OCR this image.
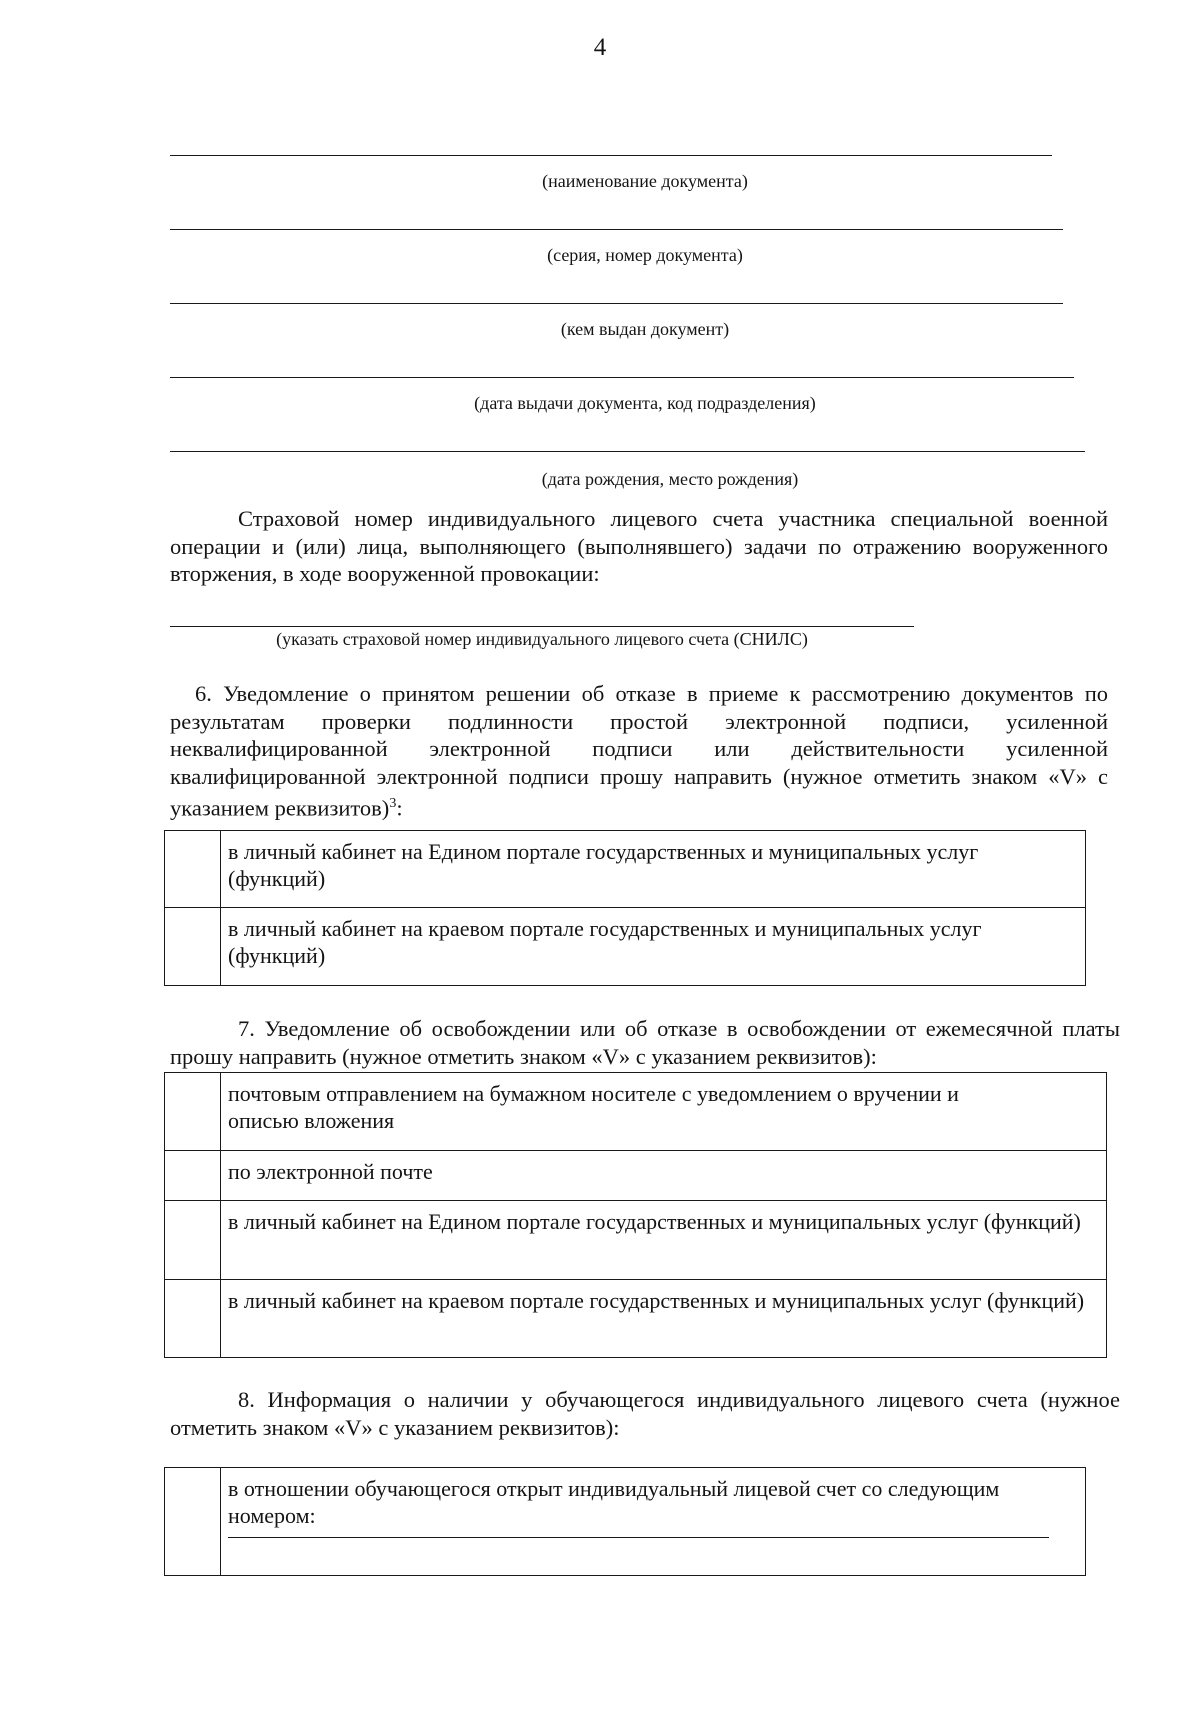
4
(наименование документа)
(серия, номер документа)
(кем выдан документ)
(дата выдачи документа, код подразделения)
(дата рождения, место рождения)
Страховой номер индивидуального лицевого счета участника специальной военной операции и (или) лица, выполняющего (выполнявшего) задачи по отражению вооруженного вторжения, в ходе вооруженной провокации:
(указать страховой номер индивидуального лицевого счета (СНИЛС)
6. Уведомление о принятом решении об отказе в приеме к рассмотрению документов по результатам проверки подлинности простой электронной подписи, усиленной неквалифицированной электронной подписи или действительности усиленной квалифицированной электронной подписи прошу направить (нужное отметить знаком «V» с указанием реквизитов)$^3$:
	в личный кабинет на Едином портале государственных и муниципальных услуг (функций)
	в личный кабинет на краевом портале государственных и муниципальных услуг (функций)
7. Уведомление об освобождении или об отказе в освобождении от ежемесячной платы прошу направить (нужное отметить знаком «V» с указанием реквизитов):

	почтовым отправлением на бумажном носителе с уведомлением о вручении и описью вложения

	по электронной почте
	в личный кабинет на Едином портале государственных и муниципальных услуг (функций)
	в личный кабинет на краевом портале государственных и муниципальных услуг (функций)
8. Информация о наличии у обучающегося индивидуального лицевого счета (нужное отметить знаком «V» с указанием реквизитов):

в отношении обучающегося открыт индивидуальный лицевой счет со следующим номером:
